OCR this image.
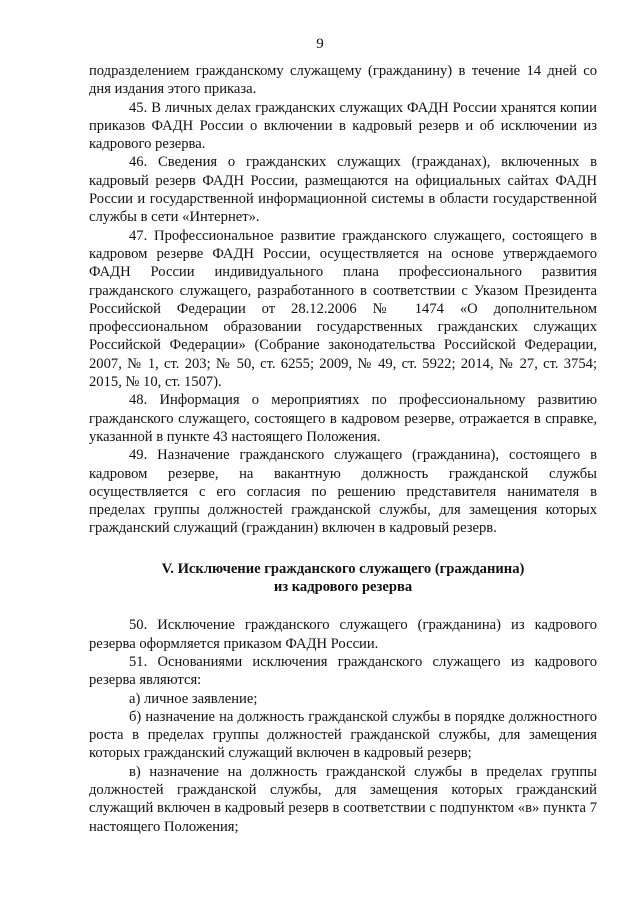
9

подразделением гражданскому служащему (гражданину) в течение 14 дней со дня издания этого приказа.

45. В личных делах гражданских служащих ФАДН России хранятся копии приказов ФАДН России о включении в кадровый резерв и об исключении из кадрового резерва.

46. Сведения о гражданских служащих (гражданах), включенных в кадровый резерв ФАДН России, размещаются на официальных сайтах ФАДН России и государственной информационной системы в области государственной службы в сети «Интернет».

47. Профессиональное развитие гражданского служащего, состоящего в кадровом резерве ФАДН России, осуществляется на основе утверждаемого ФАДН России индивидуального плана профессионального развития гражданского служащего, разработанного в соответствии с Указом Президента Российской Федерации от 28.12.2006 № 1474 «О дополнительном профессиональном образовании государственных гражданских служащих Российской Федерации» (Собрание законодательства Российской Федерации, 2007, № 1, ст. 203; № 50, ст. 6255; 2009, № 49, ст. 5922; 2014, № 27, ст. 3754; 2015, № 10, ст. 1507).

48. Информация о мероприятиях по профессиональному развитию гражданского служащего, состоящего в кадровом резерве, отражается в справке, указанной в пункте 43 настоящего Положения.

49. Назначение гражданского служащего (гражданина), состоящего в кадровом резерве, на вакантную должность гражданской службы осуществляется с его согласия по решению представителя нанимателя в пределах группы должностей гражданской службы, для замещения которых гражданский служащий (гражданин) включен в кадровый резерв.

V. Исключение гражданского служащего (гражданина)
из кадрового резерва

50. Исключение гражданского служащего (гражданина) из кадрового резерва оформляется приказом ФАДН России.

51. Основаниями исключения гражданского служащего из кадрового резерва являются:

а) личное заявление;

б) назначение на должность гражданской службы в порядке должностного роста в пределах группы должностей гражданской службы, для замещения которых гражданский служащий включен в кадровый резерв;

в) назначение на должность гражданской службы в пределах группы должностей гражданской службы, для замещения которых гражданский служащий включен в кадровый резерв в соответствии с подпунктом «в» пункта 7 настоящего Положения;
